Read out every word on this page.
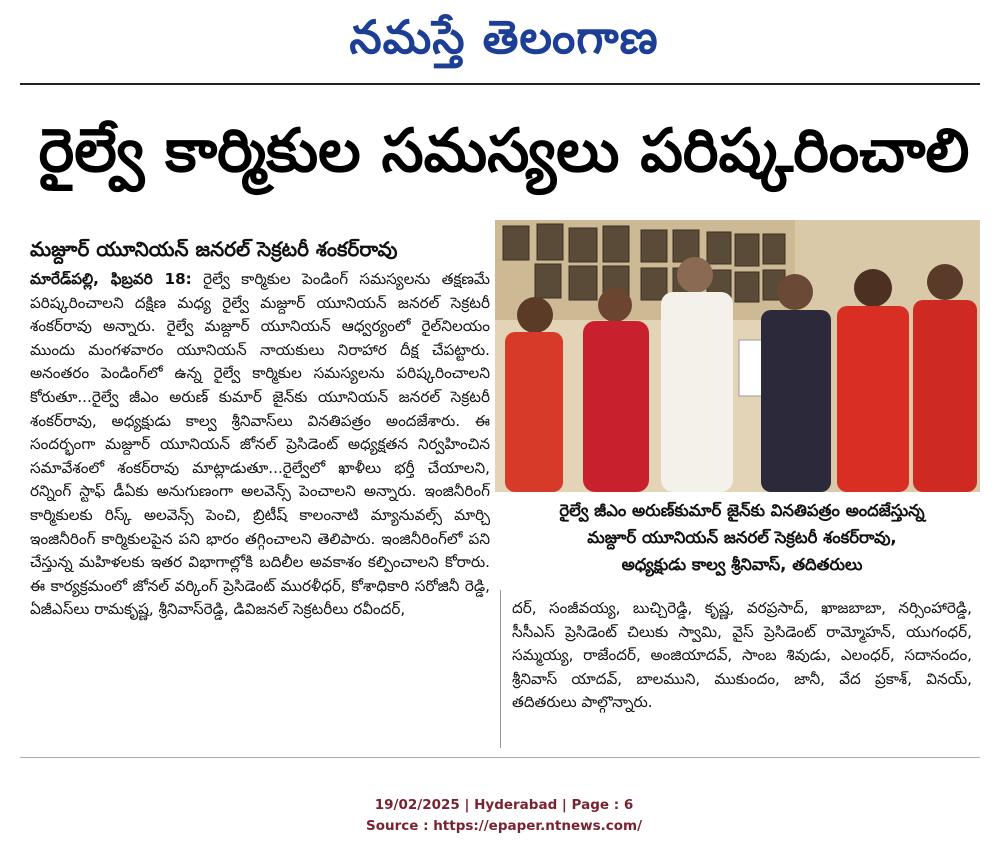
నమస్తే తెలంగాణ
రైల్వే కార్మికుల సమస్యలు పరిష్కరించాలి
మజ్దూర్ యూనియన్ జనరల్ సెక్రటరీ శంకర్‌రావు
మారేడ్‌పల్లి, ఫిబ్రవరి 18: రైల్వే కార్మికుల పెండింగ్ సమస్యలను తక్షణమే పరిష్కరించాలని దక్షిణ మధ్య రైల్వే మజ్దూర్ యూనియన్ జనరల్ సెక్రటరీ శంకర్‌రావు అన్నారు. రైల్వే మజ్దూర్ యూనియన్ ఆధ్వర్యంలో రైల్‌నిలయం ముందు మంగళవారం యూనియన్ నాయకులు నిరాహార దీక్ష చేపట్టారు. అనంతరం పెండింగ్‌లో ఉన్న రైల్వే కార్మికుల సమస్యలను పరిష్కరించాలని కోరుతూ...రైల్వే జీఎం అరుణ్ కుమార్ జైన్‌కు యూనియన్ జనరల్ సెక్రటరీ శంకర్‌రావు, అధ్యక్షుడు కాల్వ శ్రీనివాస్‌లు వినతిపత్రం అందజేశారు. ఈ సందర్భంగా మజ్దూర్ యూనియన్ జోనల్ ప్రెసిడెంట్ అధ్యక్షతన నిర్వహించిన సమావేశంలో శంకర్‌రావు మాట్లాడుతూ...రైల్వేలో ఖాళీలు భర్తీ చేయాలని, రన్నింగ్ స్టాఫ్ డీఏకు అనుగుణంగా అలవెన్స్ పెంచాలని అన్నారు. ఇంజినీరింగ్ కార్మికులకు రిస్క్ అలవెన్స్ పెంచి, బ్రిటీష్ కాలంనాటి మ్యానువల్స్ మార్చి ఇంజినీరింగ్ కార్మికులపైన పని భారం తగ్గించాలని తెలిపారు. ఇంజినీరింగ్‌లో పని చేస్తున్న మహిళలకు ఇతర విభాగాల్లోకి బదిలీల అవకాశం కల్పించాలని కోరారు. ఈ కార్యక్రమంలో జోనల్ వర్కింగ్ ప్రెసిడెంట్ మురళీధర్, కోశాధికారి సరోజినీ రెడ్డి, ఏజీఎస్‌లు రామకృష్ణ, శ్రీనివాస్‌రెడ్డి, డివిజనల్ సెక్రటరీలు రవీందర్,
రైల్వే జీఎం అరుణ్‌కుమార్ జైన్‌కు వినతిపత్రం అందజేస్తున్న
మజ్దూర్ యూనియన్ జనరల్ సెక్రటరీ శంకర్‌రావు,
అధ్యక్షుడు కాల్వ శ్రీనివాస్, తదితరులు
దర్, సంజీవయ్య, బుచ్చిరెడ్డి, కృష్ణ, వరప్రసాద్, ఖాజబాబా, నర్సింహారెడ్డి, సీసీఎస్ ప్రెసిడెంట్ చిలుకు స్వామి, వైస్ ప్రెసిడెంట్ రామ్మోహన్, యుగంధర్, సమ్మయ్య, రాజేందర్, అంజియాదవ్, సాంబ శివుడు, ఎలంధర్, సదానందం, శ్రీనివాస్ యాదవ్, బాలముని, ముకుందం, జానీ, వేద ప్రకాశ్, వినయ్, తదితరులు పాల్గొన్నారు.
19/02/2025 | Hyderabad | Page : 6
Source : https://epaper.ntnews.com/
